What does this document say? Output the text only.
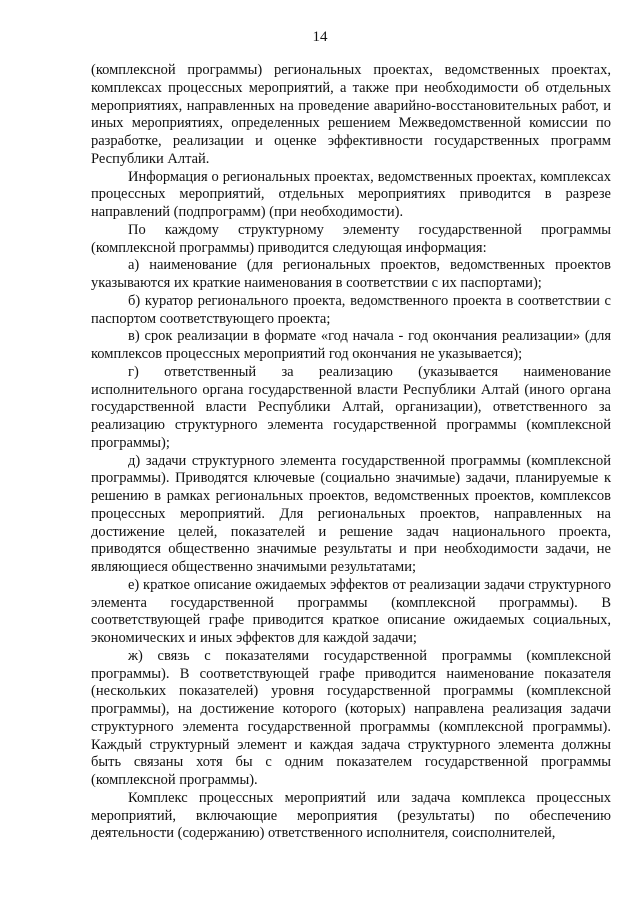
14

(комплексной программы) региональных проектах, ведомственных проектах, комплексах процессных мероприятий, а также при необходимости об отдельных мероприятиях, направленных на проведение аварийно-восстановительных работ, и иных мероприятиях, определенных решением Межведомственной комиссии по разработке, реализации и оценке эффективности государственных программ Республики Алтай.

Информация о региональных проектах, ведомственных проектах, комплексах процессных мероприятий, отдельных мероприятиях приводится в разрезе направлений (подпрограмм) (при необходимости).

По каждому структурному элементу государственной программы (комплексной программы) приводится следующая информация:

а) наименование (для региональных проектов, ведомственных проектов указываются их краткие наименования в соответствии с их паспортами);

б) куратор регионального проекта, ведомственного проекта в соответствии с паспортом соответствующего проекта;

в) срок реализации в формате «год начала - год окончания реализации» (для комплексов процессных мероприятий год окончания не указывается);

г) ответственный за реализацию (указывается наименование исполнительного органа государственной власти Республики Алтай (иного органа государственной власти Республики Алтай, организации), ответственного за реализацию структурного элемента государственной программы (комплексной программы);

д) задачи структурного элемента государственной программы (комплексной программы). Приводятся ключевые (социально значимые) задачи, планируемые к решению в рамках региональных проектов, ведомственных проектов, комплексов процессных мероприятий. Для региональных проектов, направленных на достижение целей, показателей и решение задач национального проекта, приводятся общественно значимые результаты и при необходимости задачи, не являющиеся общественно значимыми результатами;

е) краткое описание ожидаемых эффектов от реализации задачи структурного элемента государственной программы (комплексной программы). В соответствующей графе приводится краткое описание ожидаемых социальных, экономических и иных эффектов для каждой задачи;

ж) связь с показателями государственной программы (комплексной программы). В соответствующей графе приводится наименование показателя (нескольких показателей) уровня государственной программы (комплексной программы), на достижение которого (которых) направлена реализация задачи структурного элемента государственной программы (комплексной программы). Каждый структурный элемент и каждая задача структурного элемента должны быть связаны хотя бы с одним показателем государственной программы (комплексной программы).

Комплекс процессных мероприятий или задача комплекса процессных мероприятий, включающие мероприятия (результаты) по обеспечению деятельности (содержанию) ответственного исполнителя, соисполнителей,
